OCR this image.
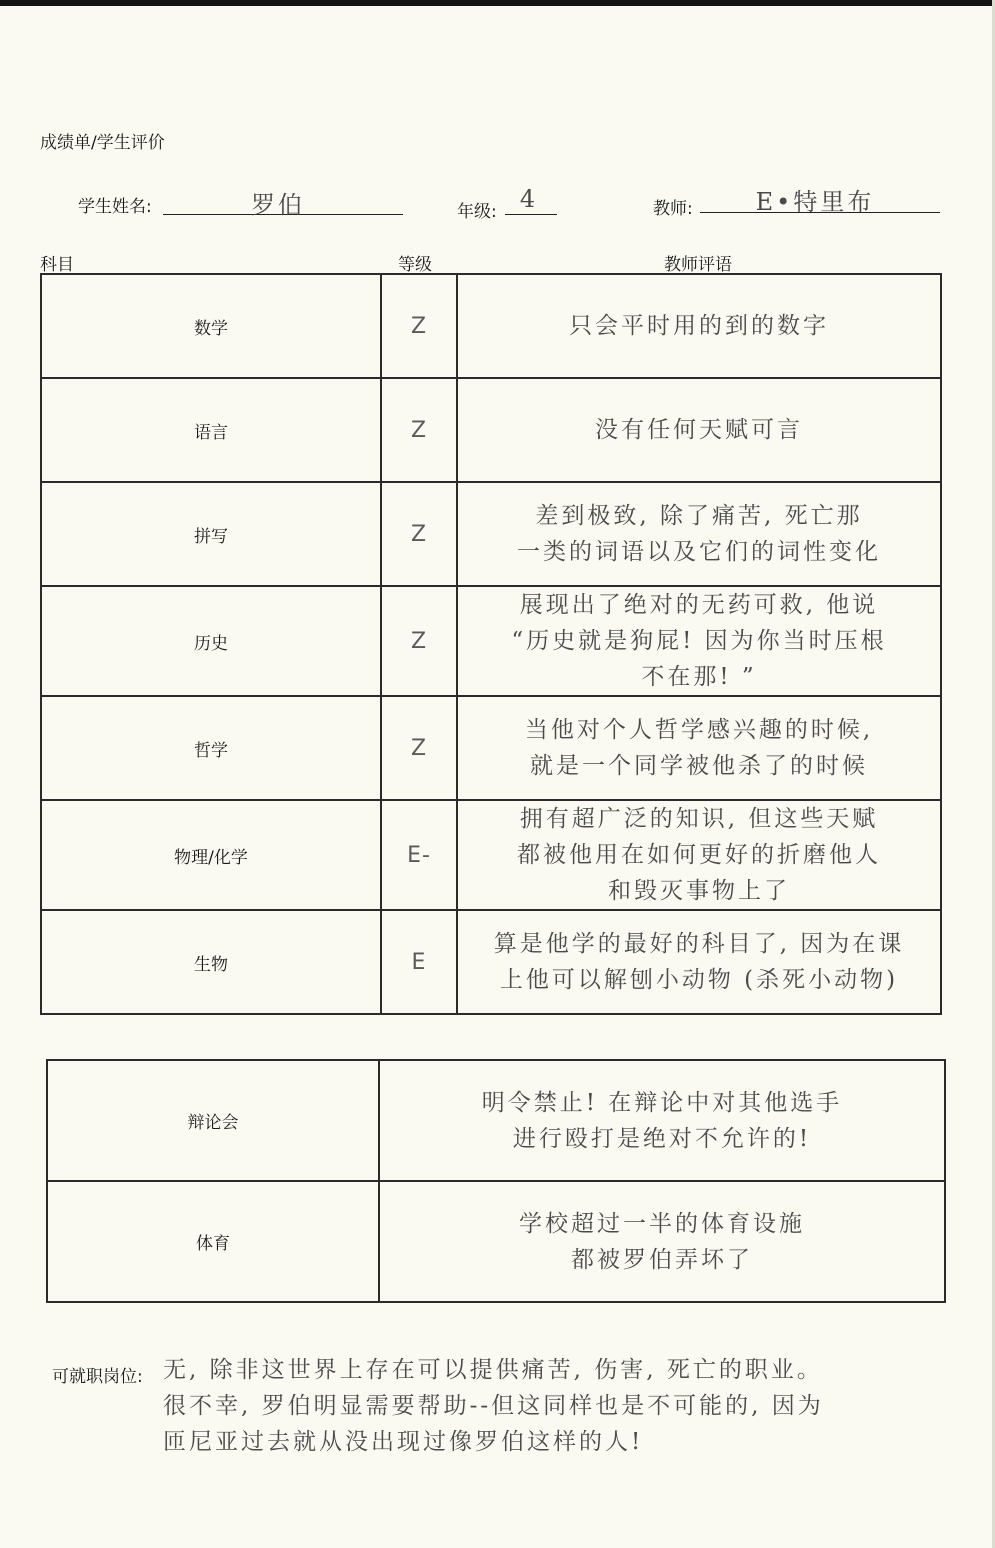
成绩单/学生评价
学生姓名:	罗伯	年级: 4	教师:	E•特里布
科目	等级	教师评语
数学	Z	只会平时用的到的数字
语言	Z	没有任何天赋可言
拼写	Z	差到极致, 除了痛苦, 死亡那
一类的词语以及它们的词性变化
历史	Z	展现出了绝对的无药可救, 他说
“历史就是狗屁! 因为你当时压根
不在那! ”
哲学	Z	当他对个人哲学感兴趣的时候,
就是一个同学被他杀了的时候
物理/化学	E-	拥有超广泛的知识, 但这些天赋
都被他用在如何更好的折磨他人
和毁灭事物上了
生物	E	算是他学的最好的科目了, 因为在课
上他可以解刨小动物 (杀死小动物)
辩论会	明令禁止! 在辩论中对其他选手
进行殴打是绝对不允许的!
体育	学校超过一半的体育设施
都被罗伯弄坏了
可就职岗位: 无, 除非这世界上存在可以提供痛苦, 伤害, 死亡的职业。
很不幸, 罗伯明显需要帮助--但这同样也是不可能的, 因为
匝尼亚过去就从没出现过像罗伯这样的人!
